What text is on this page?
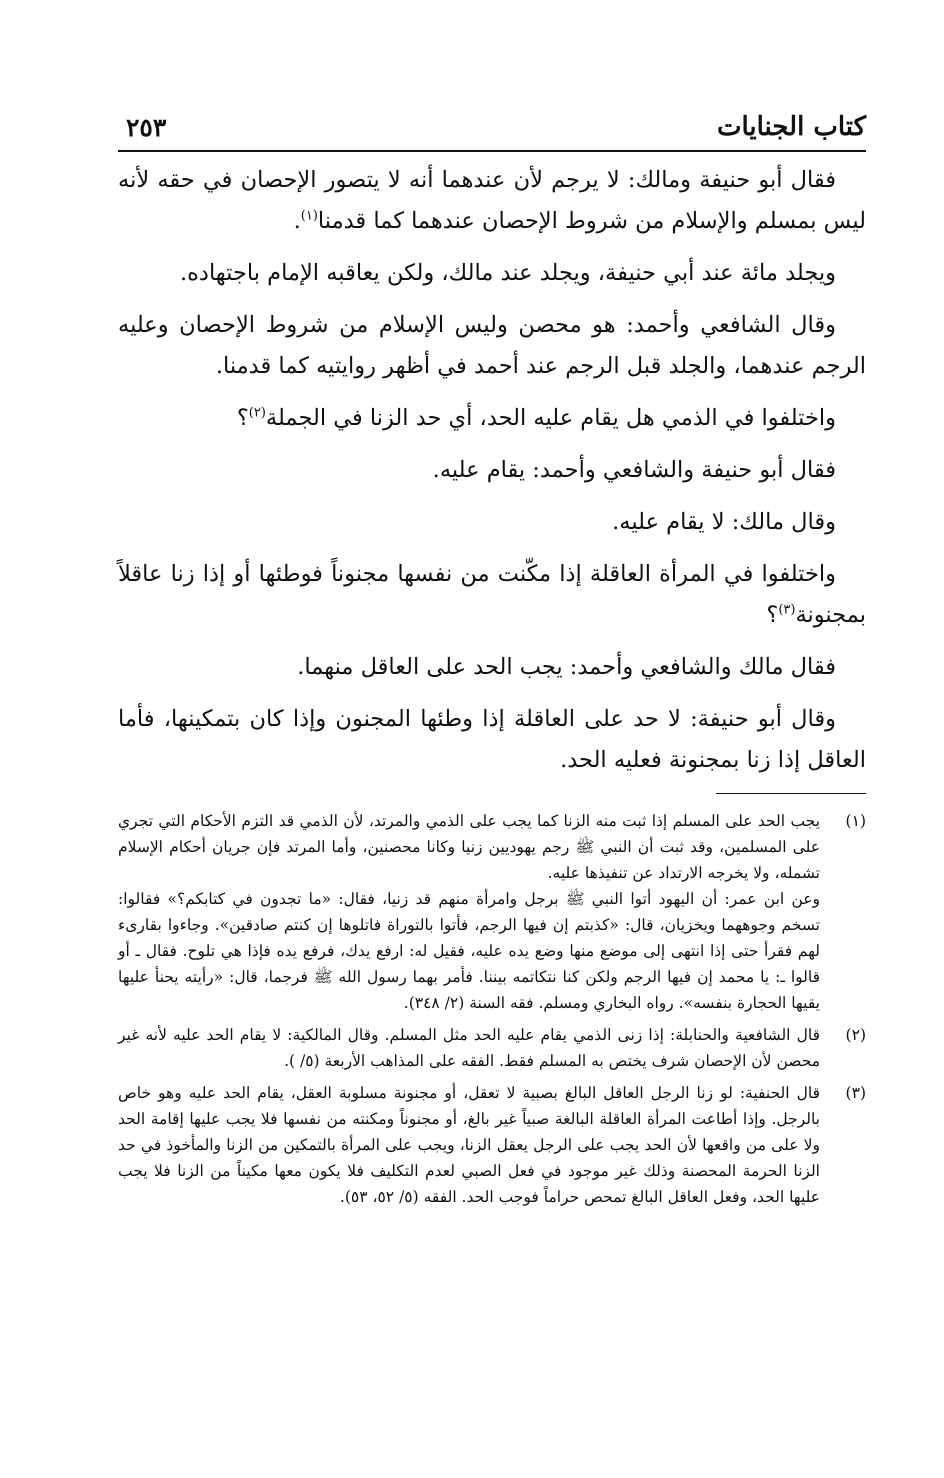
كتاب الجنايات
٢٥٣

فقال أبو حنيفة ومالك: لا يرجم لأن عندهما أنه لا يتصور الإحصان في حقه لأنه ليس بمسلم والإسلام من شروط الإحصان عندهما كما قدمنا$^{(١)}$.

ويجلد مائة عند أبي حنيفة، ويجلد عند مالك، ولكن يعاقبه الإمام باجتهاده.

وقال الشافعي وأحمد: هو محصن وليس الإسلام من شروط الإحصان وعليه الرجم عندهما، والجلد قبل الرجم عند أحمد في أظهر روايتيه كما قدمنا.

واختلفوا في الذمي هل يقام عليه الحد، أي حد الزنا في الجملة$^{(٢)}$؟

فقال أبو حنيفة والشافعي وأحمد: يقام عليه.

وقال مالك: لا يقام عليه.

واختلفوا في المرأة العاقلة إذا مكّنت من نفسها مجنوناً فوطئها أو إذا زنا عاقلاً بمجنونة$^{(٣)}$؟

فقال مالك والشافعي وأحمد: يجب الحد على العاقل منهما.

وقال أبو حنيفة: لا حد على العاقلة إذا وطئها المجنون وإذا كان بتمكينها، فأما العاقل إذا زنا بمجنونة فعليه الحد.

(١)

يجب الحد على المسلم إذا ثبت منه الزنا كما يجب على الذمي والمرتد، لأن الذمي قد التزم الأحكام التي تجري على المسلمين، وقد ثبت أن النبي ﷺ رجم يهوديين زنيا وكانا محصنين، وأما المرتد فإن جريان أحكام الإسلام تشمله، ولا يخرجه الارتداد عن تنفيذها عليه.

وعن ابن عمر: أن اليهود أتوا النبي ﷺ برجل وامرأة منهم قد زنيا، فقال: «ما تجدون في كتابكم؟» فقالوا: تسخم وجوههما ويخزيان، قال: «كذبتم إن فيها الرجم، فأتوا بالتوراة فاتلوها إن كنتم صادقين». وجاءوا بقارىء لهم فقرأ حتى إذا انتهى إلى موضع منها وضع يده عليه، فقيل له: ارفع يدك، فرفع يده فإذا هي تلوح. فقال ـ أو قالوا ـ: يا محمد إن فيها الرجم ولكن كنا نتكاتمه بيننا. فأمر بهما رسول الله ﷺ فرجما، قال: «رأيته يحنأ عليها يقيها الحجارة بنفسه». رواه البخاري ومسلم. فقه السنة (٢/ ٣٤٨).

(٢)

قال الشافعية والحنابلة: إذا زنى الذمي يقام عليه الحد مثل المسلم. وقال المالكية: لا يقام الحد عليه لأنه غير محصن لأن الإحصان شرف يختص به المسلم فقط. الفقه على المذاهب الأربعة (٥/ ).

(٣)

قال الحنفية: لو زنا الرجل العاقل البالغ بصبية لا تعقل، أو مجنونة مسلوبة العقل، يقام الحد عليه وهو خاص بالرجل. وإذا أطاعت المرأة العاقلة البالغة صبياً غير بالغ، أو مجنوناً ومكنته من نفسها فلا يجب عليها إقامة الحد ولا على من واقعها لأن الحد يجب على الرجل يعقل الزنا، ويجب على المرأة بالتمكين من الزنا والمأخوذ في حد الزنا الحرمة المحصنة وذلك غير موجود في فعل الصبي لعدم التكليف فلا يكون معها مكيناً من الزنا فلا يجب عليها الحد، وفعل العاقل البالغ تمحص حراماً فوجب الحد. الفقه (٥/ ٥٢، ٥٣).
